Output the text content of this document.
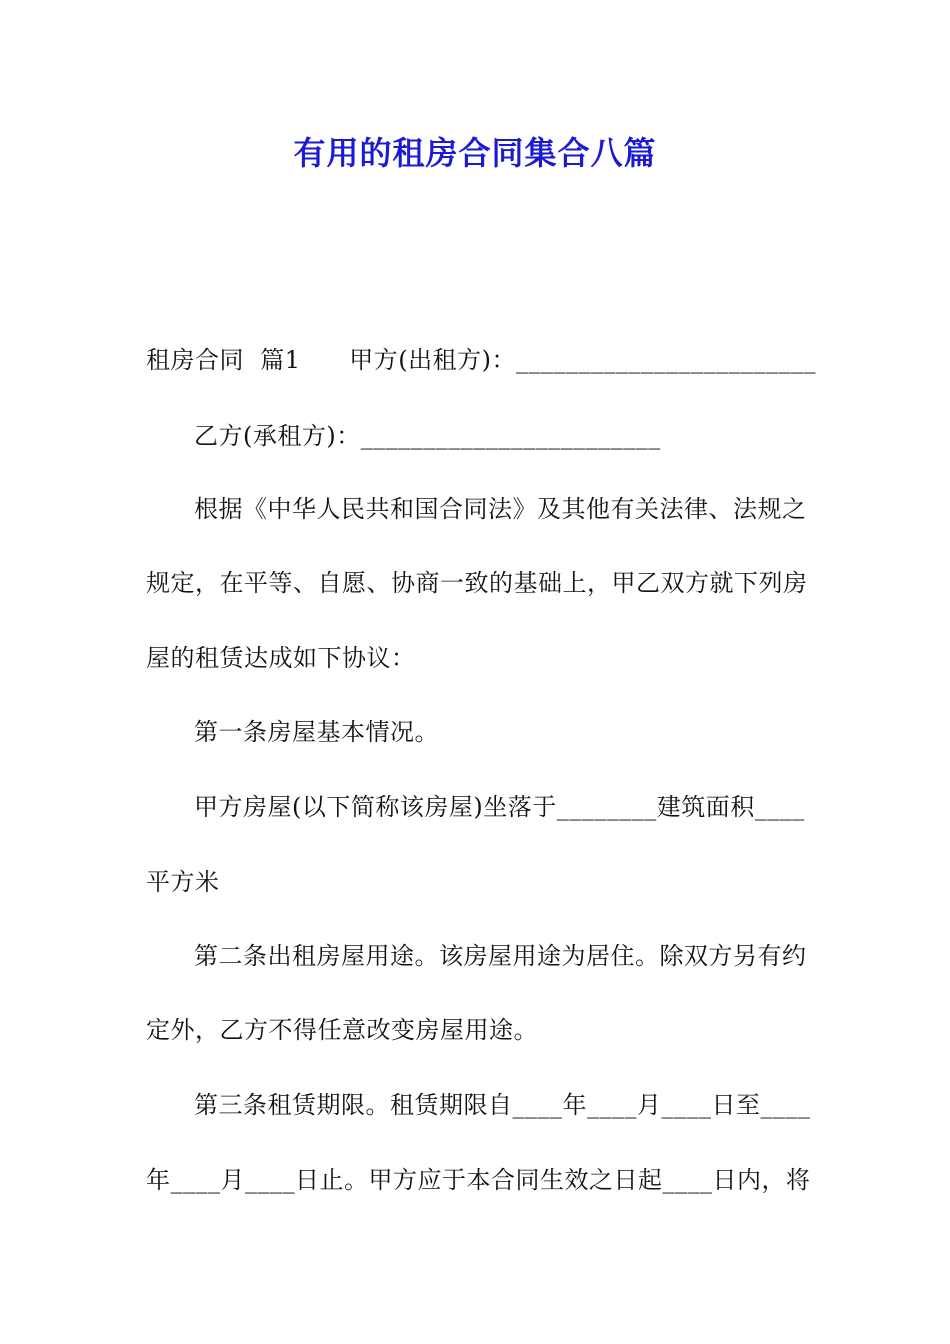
有用的租房合同集合八篇
租房合同  篇1      甲方(出租方)：________________________
乙方(承租方)：________________________
根据《中华人民共和国合同法》及其他有关法律、法规之
规定，在平等、自愿、协商一致的基础上，甲乙双方就下列房
屋的租赁达成如下协议：
第一条房屋基本情况。
甲方房屋(以下简称该房屋)坐落于________建筑面积____
平方米
第二条出租房屋用途。该房屋用途为居住。除双方另有约
定外，乙方不得任意改变房屋用途。
第三条租赁期限。租赁期限自____年____月____日至____
年____月____日止。甲方应于本合同生效之日起____日内，将
